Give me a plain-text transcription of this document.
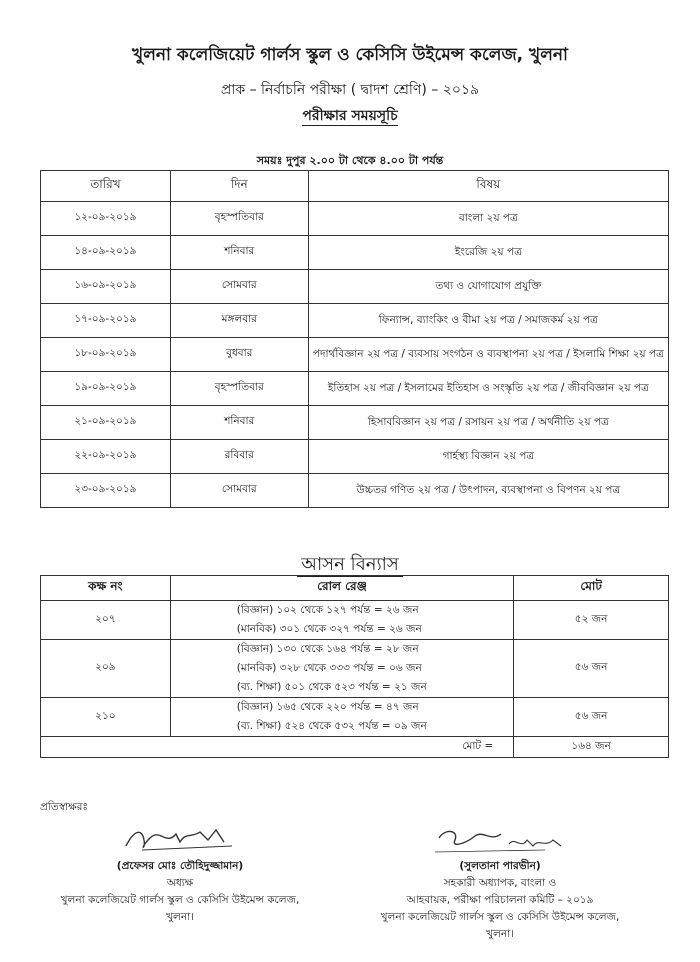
খুলনা কলেজিয়েট গার্লস স্কুল ও কেসিসি উইমেন্স কলেজ, খুলনা
প্রাক – নির্বাচনি পরীক্ষা ( দ্বাদশ শ্রেণি) – ২০১৯
পরীক্ষার সময়সূচি
সময়ঃ দুপুর ২.০০ টা থেকে ৪.০০ টা পর্যন্ত
তারিখ	দিন	বিষয়
১২-০৯-২০১৯	বৃহস্পতিবার	বাংলা ২য় পত্র
১৪-০৯-২০১৯	শনিবার	ইংরেজি ২য় পত্র
১৬-০৯-২০১৯	সোমবার	তথ্য ও যোগাযোগ প্রযুক্তি
১৭-০৯-২০১৯	মঙ্গলবার	ফিন্যান্স, ব্যাংকিং ও বীমা ২য় পত্র / সমাজকর্ম ২য় পত্র
১৮-০৯-২০১৯	বুধবার	পদার্থবিজ্ঞান ২য় পত্র / ব্যবসায় সংগঠন ও ব্যবস্থাপনা ২য় পত্র / ইসলামি শিক্ষা ২য় পত্র
১৯-০৯-২০১৯	বৃহস্পতিবার	ইতিহাস ২য় পত্র / ইসলামের ইতিহাস ও সংস্কৃতি ২য় পত্র / জীববিজ্ঞান ২য় পত্র
২১-০৯-২০১৯	শনিবার	হিসাববিজ্ঞান ২য় পত্র / রসায়ন ২য় পত্র / অর্থনীতি ২য় পত্র
২২-০৯-২০১৯	রবিবার	গার্হস্থ্য বিজ্ঞান ২য় পত্র
২৩-০৯-২০১৯	সোমবার	উচ্চতর গণিত ২য় পত্র / উৎপাদন, ব্যবস্থাপনা ও বিপণন ২য় পত্র
আসন বিন্যাস
কক্ষ নং	রোল রেঞ্জ	মোট
২০৭	(বিজ্ঞান) ১০২ থেকে ১২৭ পর্যন্ত = ২৬ জন
(মানবিক) ৩০১ থেকে ৩২৭ পর্যন্ত = ২৬ জন	৫২ জন
২০৯	(বিজ্ঞান) ১৩০ থেকে ১৬৪ পর্যন্ত = ২৮ জন
(মানবিক) ৩২৮ থেকে ৩৩৩ পর্যন্ত = ০৬ জন
(ব্য. শিক্ষা) ৫০১ থেকে ৫২৩ পর্যন্ত = ২১ জন	৫৬ জন
২১০	(বিজ্ঞান) ১৬৫ থেকে ২২০ পর্যন্ত = ৪৭ জন
(ব্য. শিক্ষা) ৫২৪ থেকে ৫৩২ পর্যন্ত = ০৯ জন	৫৬ জন
মোট =		১৬৪ জন
প্রতিস্বাক্ষরঃ
(প্রফেসর মোঃ তৌহিদুজ্জামান)
অধ্যক্ষ
খুলনা কলেজিয়েট গার্লস স্কুল ও কেসিসি উইমেন্স কলেজ,
খুলনা।
(সুলতানা পারভীন)
সহকারী অধ্যাপক, বাংলা ও
আহবায়ক, পরীক্ষা পরিচালনা কমিটি – ২০১৯
খুলনা কলেজিয়েট গার্লস স্কুল ও কেসিসি উইমেন্স কলেজ,
খুলনা।
